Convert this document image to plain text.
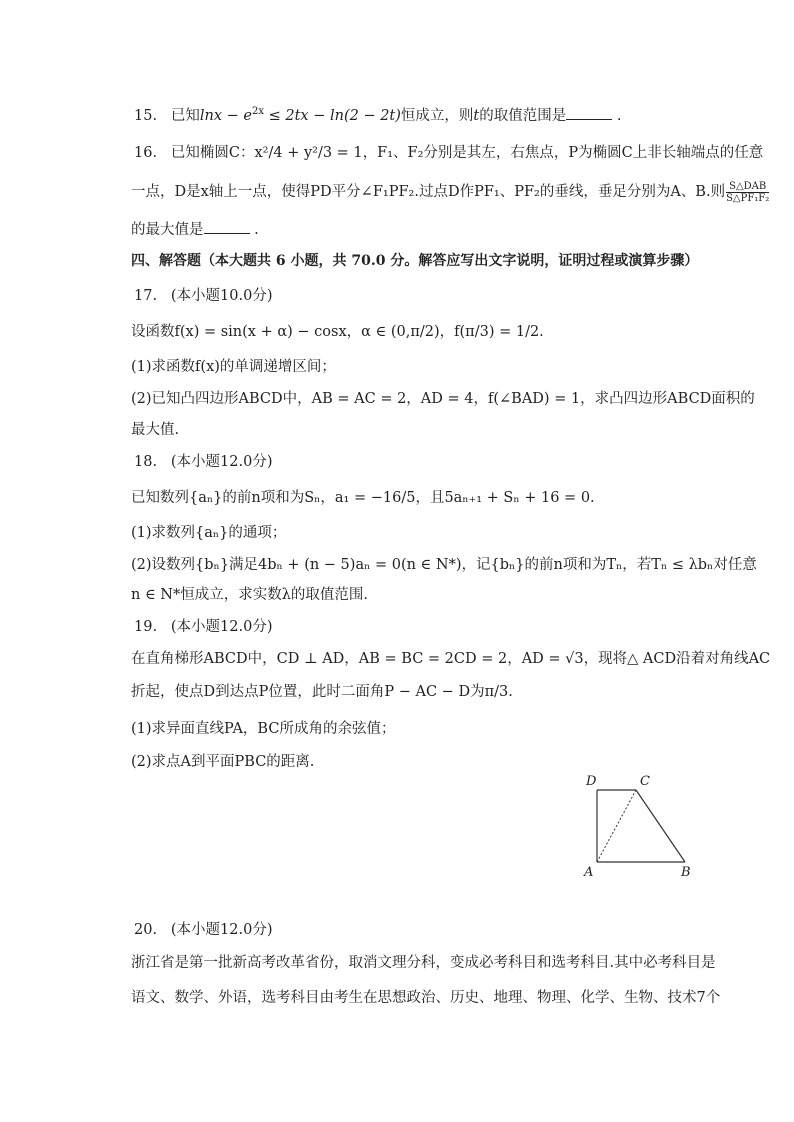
15. 已知$\ln x - e^{2x} \le 2tx - \ln(2 - 2t)$恒成立，则t的取值范围是	.
16. 已知椭圆C：x²/4 + y²/3 = 1，F₁、F₂分别是其左，右焦点，P为椭圆C上非长轴端点的任意
一点，D是x轴上一点，使得PD平分∠F₁PF₂.过点D作PF₁、PF₂的垂线，垂足分别为A、B.则 $\frac{\text{S△DAB}}{\text{S△PF₁F₂}}$
的最大值是	.
四、解答题（本大题共 6 小题，共 70.0 分。解答应写出文字说明，证明过程或演算步骤）
17. (本小题10.0分)
设函数f(x) = sin(x + α) − cosx，α ∈ (0,π/2)，f(π/3) = 1/2.
(1)求函数f(x)的单调递增区间；
(2)已知凸四边形ABCD中，AB = AC = 2，AD = 4，f(∠BAD) = 1，求凸四边形ABCD面积的
最大值.
18. (本小题12.0分)
已知数列{aₙ}的前n项和为Sₙ，a₁ = −16/5，且5aₙ₊₁ + Sₙ + 16 = 0.
(1)求数列{aₙ}的通项；
(2)设数列{bₙ}满足4bₙ + (n − 5)aₙ = 0(n ∈ N*)，记{bₙ}的前n项和为Tₙ，若Tₙ ≤ λbₙ对任意
n ∈ N*恒成立，求实数λ的取值范围.
19. (本小题12.0分)
在直角梯形ABCD中，CD ⊥ AD，AB = BC = 2CD = 2，AD = √3，现将△ ACD沿着对角线AC
折起，使点D到达点P位置，此时二面角P − AC − D为π/3.
(1)求异面直线PA，BC所成角的余弦值；
(2)求点A到平面PBC的距离.
D	C
A	B
20. (本小题12.0分)
浙江省是第一批新高考改革省份，取消文理分科，变成必考科目和选考科目.其中必考科目是
语文、数学、外语，选考科目由考生在思想政治、历史、地理、物理、化学、生物、技术7个
